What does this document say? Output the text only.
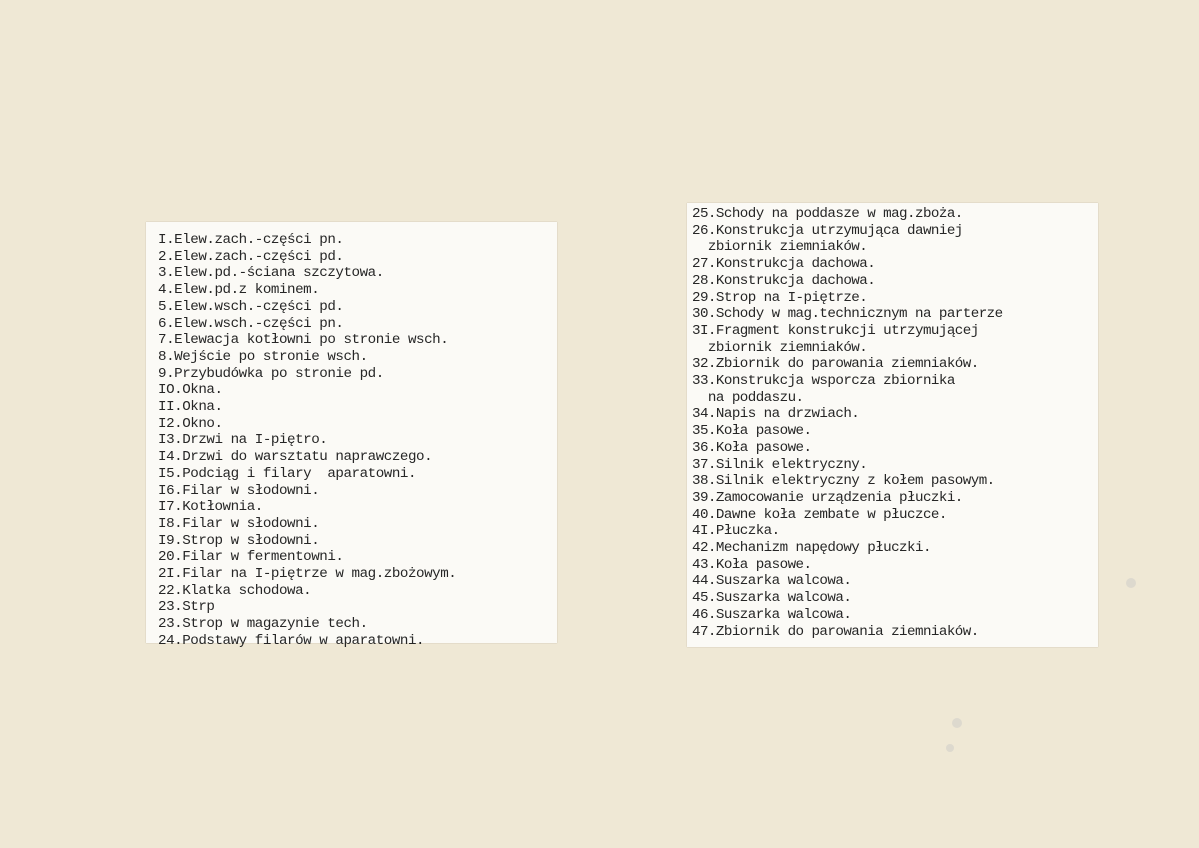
I.Elew.zach.-części pn.
2.Elew.zach.-części pd.
3.Elew.pd.-ściana szczytowa.
4.Elew.pd.z kominem.
5.Elew.wsch.-części pd.
6.Elew.wsch.-części pn.
7.Elewacja kotłowni po stronie wsch.
8.Wejście po stronie wsch.
9.Przybudówka po stronie pd.
IO.Okna.
II.Okna.
I2.Okno.
I3.Drzwi na I-piętro.
I4.Drzwi do warsztatu naprawczego.
I5.Podciąg i filary  aparatowni.
I6.Filar w słodowni.
I7.Kotłownia.
I8.Filar w słodowni.
I9.Strop w słodowni.
20.Filar w fermentowni.
2I.Filar na I-piętrze w mag.zbożowym.
22.Klatka schodowa.
23.Strp
23.Strop w magazynie tech.
24.Podstawy filarów w aparatowni.
25.Schody na poddasze w mag.zboża.
26.Konstrukcja utrzymująca dawniej
zbiornik ziemniaków.
27.Konstrukcja dachowa.
28.Konstrukcja dachowa.
29.Strop na I-piętrze.
30.Schody w mag.technicznym na parterze
3I.Fragment konstrukcji utrzymującej
zbiornik ziemniaków.
32.Zbiornik do parowania ziemniaków.
33.Konstrukcja wsporcza zbiornika
na poddaszu.
34.Napis na drzwiach.
35.Koła pasowe.
36.Koła pasowe.
37.Silnik elektryczny.
38.Silnik elektryczny z kołem pasowym.
39.Zamocowanie urządzenia płuczki.
40.Dawne koła zembate w płuczce.
4I.Płuczka.
42.Mechanizm napędowy płuczki.
43.Koła pasowe.
44.Suszarka walcowa.
45.Suszarka walcowa.
46.Suszarka walcowa.
47.Zbiornik do parowania ziemniaków.
